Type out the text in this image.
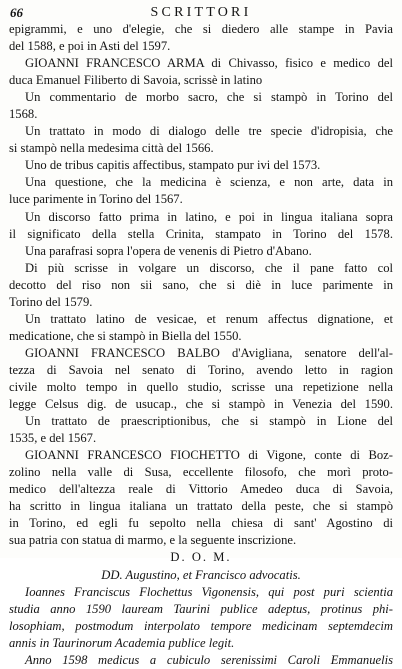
66	SCRITTORI
epigrammi, e uno d'elegie, che si diedero alle stampe in Pavia
del 1588, e poi in Asti del 1597.
GIOANNI FRANCESCO ARMA di Chivasso, fisico e medico del
duca Emanuel Filiberto di Savoia, scrissè in latino
Un commentario de morbo sacro, che si stampò in Torino del
1568.
Un trattato in modo di dialogo delle tre specie d'idropisia, che
si stampò nella medesima città del 1566.
Uno de tribus capitis affectibus, stampato pur ivi del 1573.
Una questione, che la medicina è scienza, e non arte, data in
luce parimente in Torino del 1567.
Un discorso fatto prima in latino, e poi in lingua italiana sopra
il significato della stella Crinita, stampato in Torino del 1578.
Una parafrasi sopra l'opera de venenis di Pietro d'Abano.
Di più scrisse in volgare un discorso, che il pane fatto col
decotto del riso non sii sano, che si diè in luce parimente in
Torino del 1579.
Un trattato latino de vesicae, et renum affectus dignatione, et
medicatione, che si stampò in Biella del 1550.
GIOANNI FRANCESCO BALBO d'Avigliana, senatore dell'al-
tezza di Savoia nel senato di Torino, avendo letto in ragion
civile molto tempo in quello studio, scrisse una repetizione nella
legge Celsus dig. de usucap., che si stampò in Venezia del 1590.
Un trattato de praescriptionibus, che si stampò in Lione del
1535, e del 1567.
GIOANNI FRANCESCO FIOCHETTO di Vigone, conte di Boz-
zolino nella valle di Susa, eccellente filosofo, che morì proto-
medico dell'altezza reale di Vittorio Amedeo duca di Savoia,
ha scritto in lingua italiana un trattato della peste, che si stampò
in Torino, ed egli fu sepolto nella chiesa di sant' Agostino di
sua patria con statua di marmo, e la seguente inscrizione.
D. O. M.
DD. Augustino, et Francisco advocatis.
Ioannes Franciscus Flochettus Vigonensis, qui post puri scientia
studia anno 1590 lauream Taurini publice adeptus, protinus phi-
losophiam, postmodum interpolato tempore medicinam septemdecim
annis in Taurinorum Academia publice legit.
Anno 1598 medicus a cubiculo serenissimi Caroli Emmanuelis
